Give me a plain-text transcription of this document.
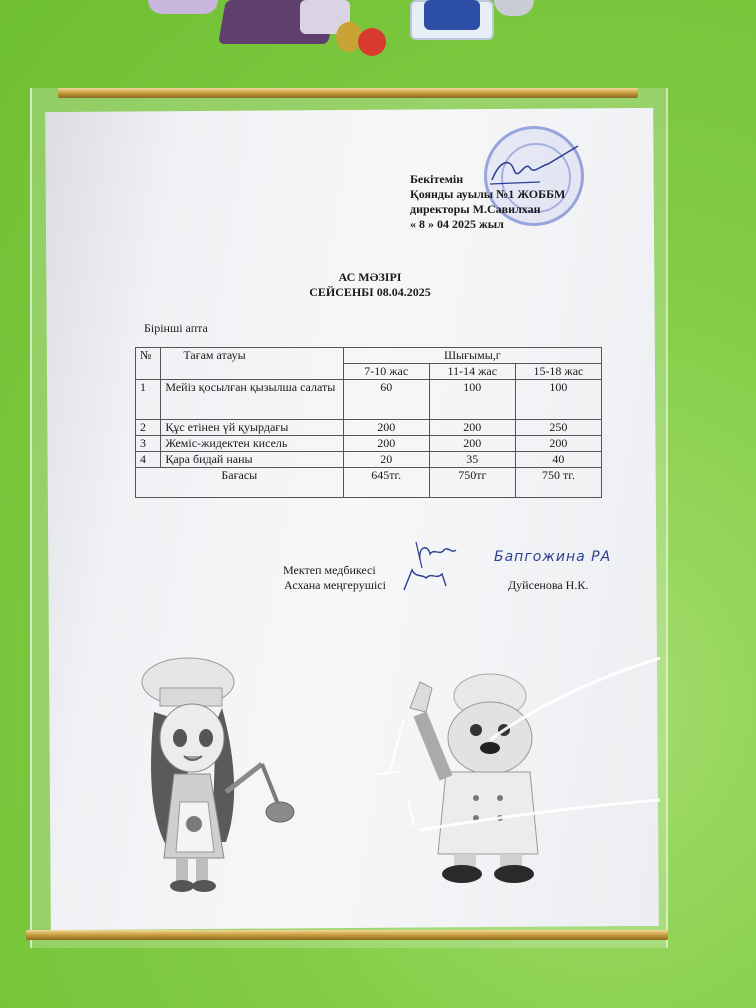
Бекітемін
Қоянды ауылы №1 ЖОББМ
директоры М.Савилхан
« 8 » 04 2025 жыл
АС МӘЗІРІ
СЕЙСЕНБІ 08.04.2025
Бірінші апта
№	Тағам атауы	Шығымы,г		
		7-10 жас	11-14 жас	15-18 жас
1	Мейіз қосылған қызылша салаты	60	100	100
2	Құс етінен үй қуырдағы	200	200	250
3	Жеміс-жидектен кисель	200	200	200
4	Қара бидай наны	20	35	40
Бағасы		645тг.	750тг	750 тг.
Мектеп медбикесі
Бапгожина РА
Асхана меңгерушісі	Дуйсенова Н.К.
